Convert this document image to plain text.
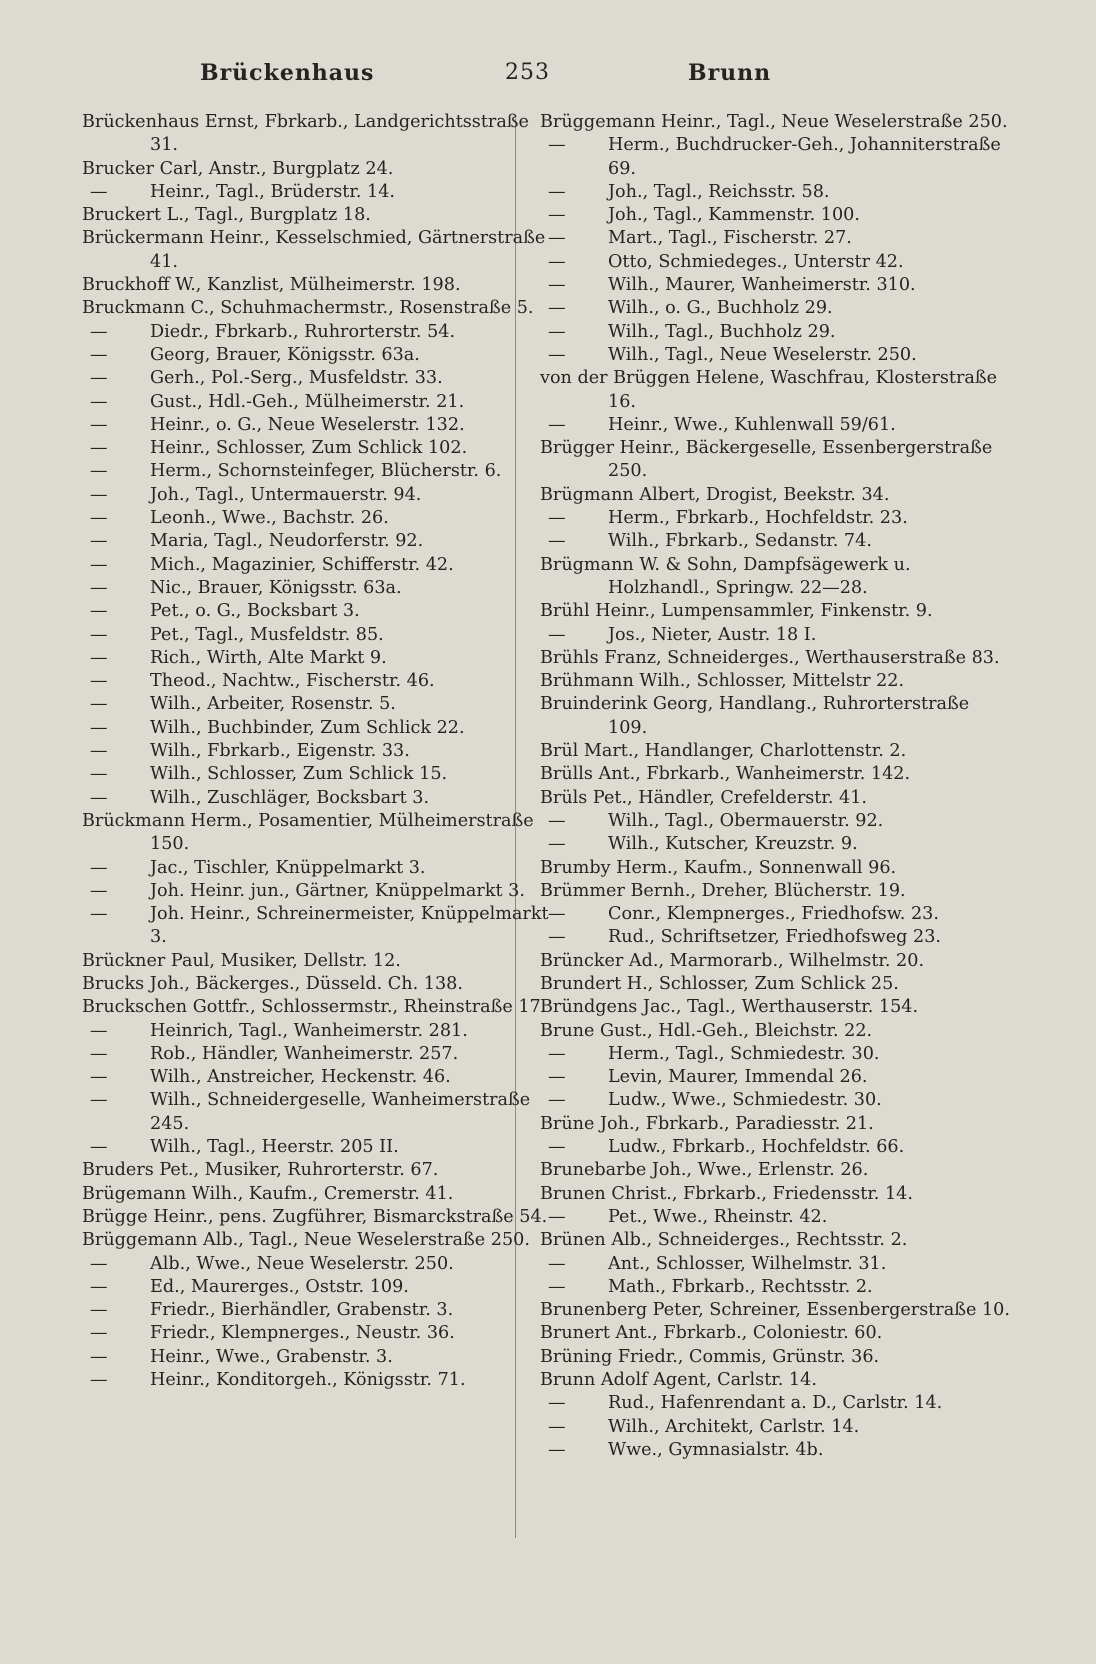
Brückenhaus	253	Brunn

Brückenhaus Ernst, Fbrkarb., Landgerichtsstraße 31.

Brucker Carl, Anstr., Burgplatz 24.

— Heinr., Tagl., Brüderstr. 14.

Bruckert L., Tagl., Burgplatz 18.

Brückermann Heinr., Kesselschmied, Gärtnerstraße 41.

Bruckhoff W., Kanzlist, Mülheimerstr. 198.

Bruckmann C., Schuhmachermstr., Rosenstraße 5.

— Diedr., Fbrkarb., Ruhrorterstr. 54.

— Georg, Brauer, Königsstr. 63a.

— Gerh., Pol.-Serg., Musfeldstr. 33.

— Gust., Hdl.-Geh., Mülheimerstr. 21.

— Heinr., o. G., Neue Weselerstr. 132.

— Heinr., Schlosser, Zum Schlick 102.

— Herm., Schornsteinfeger, Blücherstr. 6.

— Joh., Tagl., Untermauerstr. 94.

— Leonh., Wwe., Bachstr. 26.

— Maria, Tagl., Neudorferstr. 92.

— Mich., Magazinier, Schifferstr. 42.

— Nic., Brauer, Königsstr. 63a.

— Pet., o. G., Bocksbart 3.

— Pet., Tagl., Musfeldstr. 85.

— Rich., Wirth, Alte Markt 9.

— Theod., Nachtw., Fischerstr. 46.

— Wilh., Arbeiter, Rosenstr. 5.

— Wilh., Buchbinder, Zum Schlick 22.

— Wilh., Fbrkarb., Eigenstr. 33.

— Wilh., Schlosser, Zum Schlick 15.

— Wilh., Zuschläger, Bocksbart 3.

Brückmann Herm., Posamentier, Mülheimerstraße 150.

— Jac., Tischler, Knüppelmarkt 3.

— Joh. Heinr. jun., Gärtner, Knüppelmarkt 3.

— Joh. Heinr., Schreinermeister, Knüppelmarkt 3.

Brückner Paul, Musiker, Dellstr. 12.

Brucks Joh., Bäckerges., Düsseld. Ch. 138.

Bruckschen Gottfr., Schlossermstr., Rheinstraße 17.

— Heinrich, Tagl., Wanheimerstr. 281.

— Rob., Händler, Wanheimerstr. 257.

— Wilh., Anstreicher, Heckenstr. 46.

— Wilh., Schneidergeselle, Wanheimerstraße 245.

— Wilh., Tagl., Heerstr. 205 II.

Bruders Pet., Musiker, Ruhrorterstr. 67.

Brügemann Wilh., Kaufm., Cremerstr. 41.

Brügge Heinr., pens. Zugführer, Bismarckstraße 54.

Brüggemann Alb., Tagl., Neue Weselerstraße 250.

— Alb., Wwe., Neue Weselerstr. 250.

— Ed., Maurerges., Oststr. 109.

— Friedr., Bierhändler, Grabenstr. 3.

— Friedr., Klempnerges., Neustr. 36.

— Heinr., Wwe., Grabenstr. 3.

— Heinr., Konditorgeh., Königsstr. 71.

Brüggemann Heinr., Tagl., Neue Weselerstraße 250.

— Herm., Buchdrucker-Geh., Johanniterstraße 69.

— Joh., Tagl., Reichsstr. 58.

— Joh., Tagl., Kammenstr. 100.

— Mart., Tagl., Fischerstr. 27.

— Otto, Schmiedeges., Unterstr 42.

— Wilh., Maurer, Wanheimerstr. 310.

— Wilh., o. G., Buchholz 29.

— Wilh., Tagl., Buchholz 29.

— Wilh., Tagl., Neue Weselerstr. 250.

von der Brüggen Helene, Waschfrau, Klosterstraße 16.

— Heinr., Wwe., Kuhlenwall 59/61.

Brügger Heinr., Bäckergeselle, Essenbergerstraße 250.

Brügmann Albert, Drogist, Beekstr. 34.

— Herm., Fbrkarb., Hochfeldstr. 23.

— Wilh., Fbrkarb., Sedanstr. 74.

Brügmann W. & Sohn, Dampfsägewerk u. Holzhandl., Springw. 22—28.

Brühl Heinr., Lumpensammler, Finkenstr. 9.

— Jos., Nieter, Austr. 18 I.

Brühls Franz, Schneiderges., Werthauserstraße 83.

Brühmann Wilh., Schlosser, Mittelstr 22.

Bruinderink Georg, Handlang., Ruhrorterstraße 109.

Brül Mart., Handlanger, Charlottenstr. 2.

Brülls Ant., Fbrkarb., Wanheimerstr. 142.

Brüls Pet., Händler, Crefelderstr. 41.

— Wilh., Tagl., Obermauerstr. 92.

— Wilh., Kutscher, Kreuzstr. 9.

Brumby Herm., Kaufm., Sonnenwall 96.

Brümmer Bernh., Dreher, Blücherstr. 19.

— Conr., Klempnerges., Friedhofsw. 23.

— Rud., Schriftsetzer, Friedhofsweg 23.

Brüncker Ad., Marmorarb., Wilhelmstr. 20.

Brundert H., Schlosser, Zum Schlick 25.

Bründgens Jac., Tagl., Werthauserstr. 154.

Brune Gust., Hdl.-Geh., Bleichstr. 22.

— Herm., Tagl., Schmiedestr. 30.

— Levin, Maurer, Immendal 26.

— Ludw., Wwe., Schmiedestr. 30.

Brüne Joh., Fbrkarb., Paradiesstr. 21.

— Ludw., Fbrkarb., Hochfeldstr. 66.

Brunebarbe Joh., Wwe., Erlenstr. 26.

Brunen Christ., Fbrkarb., Friedensstr. 14.

— Pet., Wwe., Rheinstr. 42.

Brünen Alb., Schneiderges., Rechtsstr. 2.

— Ant., Schlosser, Wilhelmstr. 31.

— Math., Fbrkarb., Rechtsstr. 2.

Brunenberg Peter, Schreiner, Essenbergerstraße 10.

Brunert Ant., Fbrkarb., Coloniestr. 60.

Brüning Friedr., Commis, Grünstr. 36.

Brunn Adolf Agent, Carlstr. 14.

— Rud., Hafenrendant a. D., Carlstr. 14.

— Wilh., Architekt, Carlstr. 14.

— Wwe., Gymnasialstr. 4b.
